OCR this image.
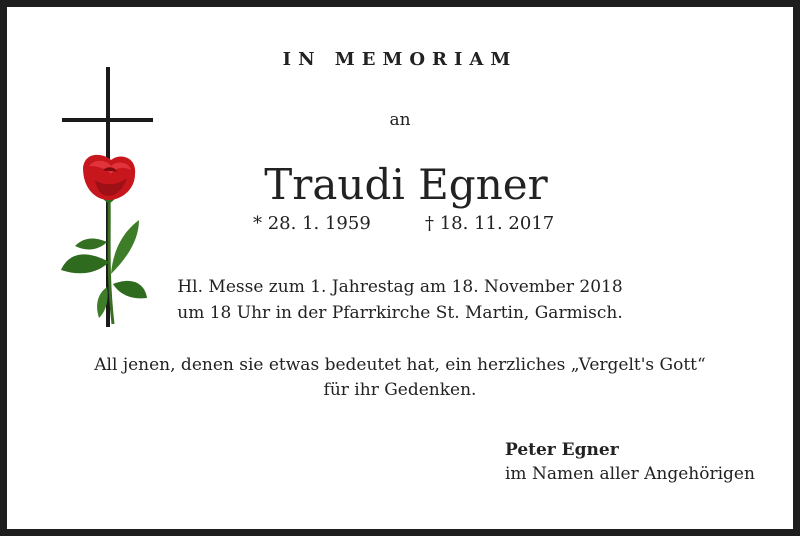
IN MEMORIAM
an
Traudi Egner
* 28. 1. 1959	† 18. 11. 2017
Hl. Messe zum 1. Jahrestag am 18. November 2018
um 18 Uhr in der Pfarrkirche St. Martin, Garmisch.
All jenen, denen sie etwas bedeutet hat, ein herzliches „Vergelt's Gott“
für ihr Gedenken.
Peter Egner
im Namen aller Angehörigen
